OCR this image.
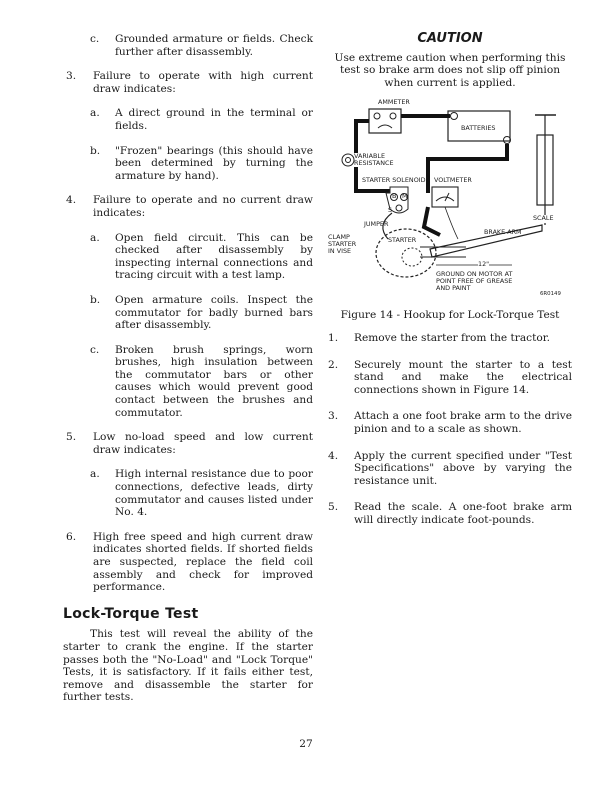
c. Grounded armature or fields. Check further after disassembly.
3. Failure to operate with high current draw indicates:
a. A direct ground in the terminal or fields.
b. "Frozen" bearings (this should have been determined by turning the armature by hand).
4. Failure to operate and no current draw indicates:
a. Open field circuit. This can be checked after disassembly by inspecting internal connections and tracing circuit with a test lamp.
b. Open armature coils. Inspect the commutator for badly burned bars after disassembly.
c. Broken brush springs, worn brushes, high insulation between the commutator bars or other causes which would prevent good contact between the brushes and commutator.
5. Low no-load speed and low current draw indicates:
a. High internal resistance due to poor connections, defective leads, dirty commutator and causes listed under No. 4.
6. High free speed and high current draw indicates shorted fields. If shorted fields are suspected, replace the field coil assembly and check for improved performance.
Lock-Torque Test

This test will reveal the ability of the starter to crank the engine. If the starter passes both the "No-Load" and "Lock Torque" Tests, it is satisfactory. If it fails either test, remove and disassemble the starter for further tests.

CAUTION

Use extreme caution when performing this test so brake arm does not slip off pinion when current is applied.

AMMETER
BATTERIES
VARIABLE
RESISTANCE
STARTER SOLENOID VOLTMETER
B M
S
JUMPER
CLAMP
STARTER
IN VISE
STARTER
BRAKE ARM
SCALE
12"
GROUND ON MOTOR AT
POINT FREE OF GREASE
AND PAINT
6R0149

Figure 14 - Hookup for Lock-Torque Test

1. Remove the starter from the tractor.
2. Securely mount the starter to a test stand and make the electrical connections shown in Figure 14.
3. Attach a one foot brake arm to the drive pinion and to a scale as shown.
4. Apply the current specified under "Test Specifications" above by varying the resistance unit.
5. Read the scale. A one-foot brake arm will directly indicate foot-pounds.
27
